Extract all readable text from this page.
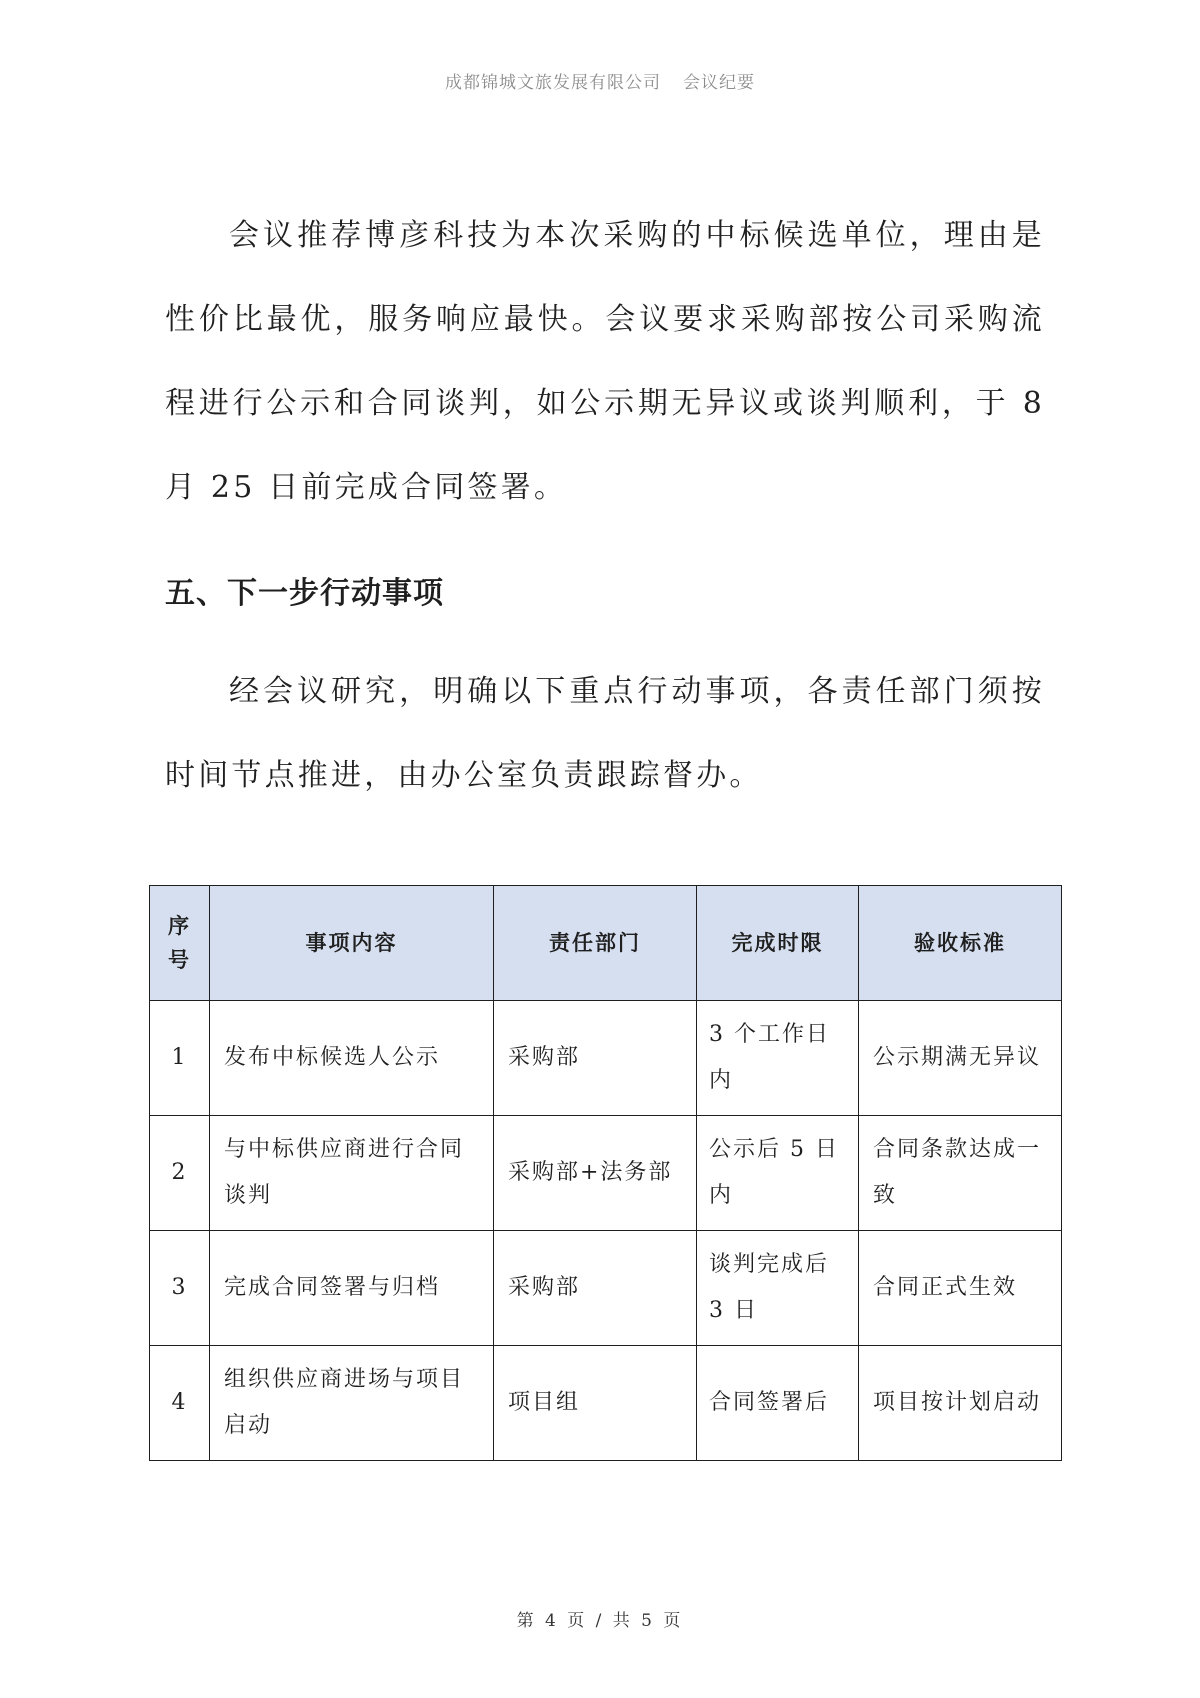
成都锦城文旅发展有限公司 会议纪要

会议推荐博彦科技为本次采购的中标候选单位，理由是性价比最优，服务响应最快。会议要求采购部按公司采购流程进行公示和合同谈判，如公示期无异议或谈判顺利，于 8 月 25 日前完成合同签署。

五、下一步行动事项

经会议研究，明确以下重点行动事项，各责任部门须按时间节点推进，由办公室负责跟踪督办。

序
号	事项内容	责任部门	完成时限	验收标准
1	发布中标候选人公示	采购部	3 个工作日内	公示期满无异议
2	与中标供应商进行合同谈判	采购部+法务部	公示后 5 日内	合同条款达成一致
3	完成合同签署与归档	采购部	谈判完成后 3 日	合同正式生效
4	组织供应商进场与项目启动	项目组	合同签署后	项目按计划启动
第 4 页 / 共 5 页
